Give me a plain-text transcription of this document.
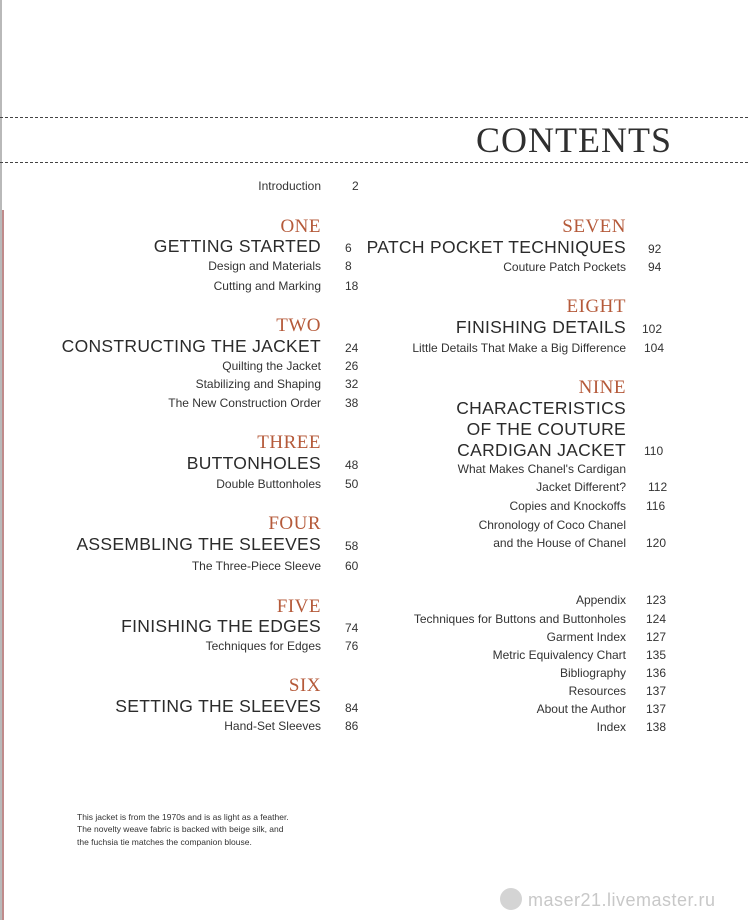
CONTENTS
Introduction	2
ONE
GETTING STARTED 6
Design and Materials 8
Cutting and Marking 18
TWO
CONSTRUCTING THE JACKET 24
Quilting the Jacket 26
Stabilizing and Shaping 32
The New Construction Order 38
THREE
BUTTONHOLES 48
Double Buttonholes 50
FOUR
ASSEMBLING THE SLEEVES 58
The Three-Piece Sleeve 60
FIVE
FINISHING THE EDGES 74
Techniques for Edges 76
SIX
SETTING THE SLEEVES 84
Hand-Set Sleeves 86
SEVEN
PATCH POCKET TECHNIQUES 92
Couture Patch Pockets 94
EIGHT
FINISHING DETAILS 102
Little Details That Make a Big Difference 104
NINE
CHARACTERISTICS
OF THE COUTURE
CARDIGAN JACKET 110
What Makes Chanel's Cardigan
Jacket Different? 112
Copies and Knockoffs 116
Chronology of Coco Chanel
and the House of Chanel 120
Appendix 123
Techniques for Buttons and Buttonholes 124
Garment Index 127
Metric Equivalency Chart 135
Bibliography 136
Resources 137
About the Author 137
Index 138
This jacket is from the 1970s and is as light as a feather.
The novelty weave fabric is backed with beige silk, and
the fuchsia tie matches the companion blouse.
maser21.livemaster.ru
